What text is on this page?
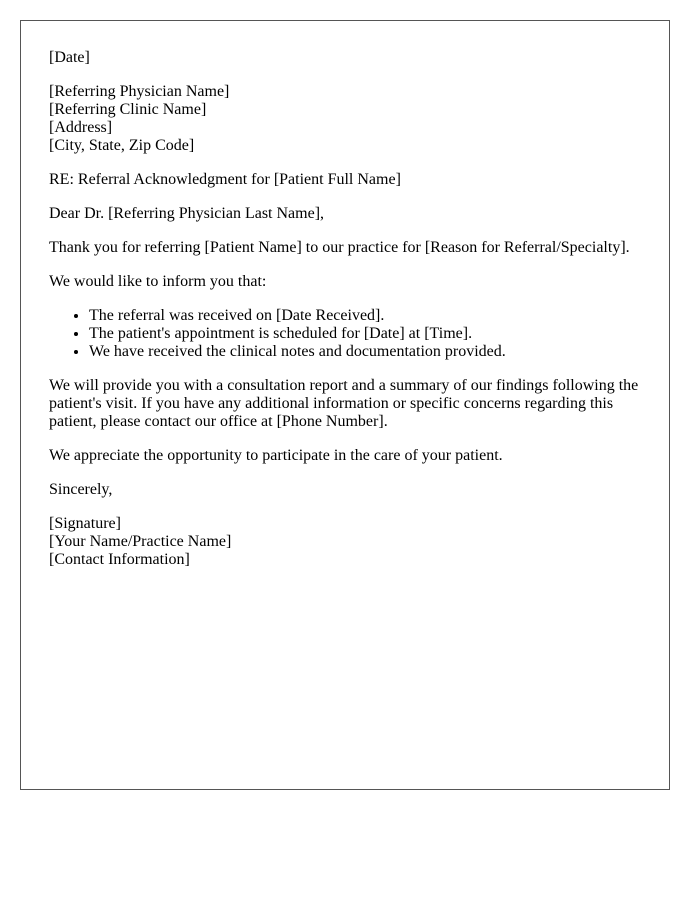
[Date]
[Referring Physician Name]
[Referring Clinic Name]
[Address]
[City, State, Zip Code]
RE: Referral Acknowledgment for [Patient Full Name]
Dear Dr. [Referring Physician Last Name],
Thank you for referring [Patient Name] to our practice for [Reason for Referral/Specialty].
We would like to inform you that:
• The referral was received on [Date Received].
• The patient's appointment is scheduled for [Date] at [Time].
• We have received the clinical notes and documentation provided.
We will provide you with a consultation report and a summary of our findings following the patient's visit. If you have any additional information or specific concerns regarding this patient, please contact our office at [Phone Number].
We appreciate the opportunity to participate in the care of your patient.
Sincerely,
[Signature]
[Your Name/Practice Name]
[Contact Information]
